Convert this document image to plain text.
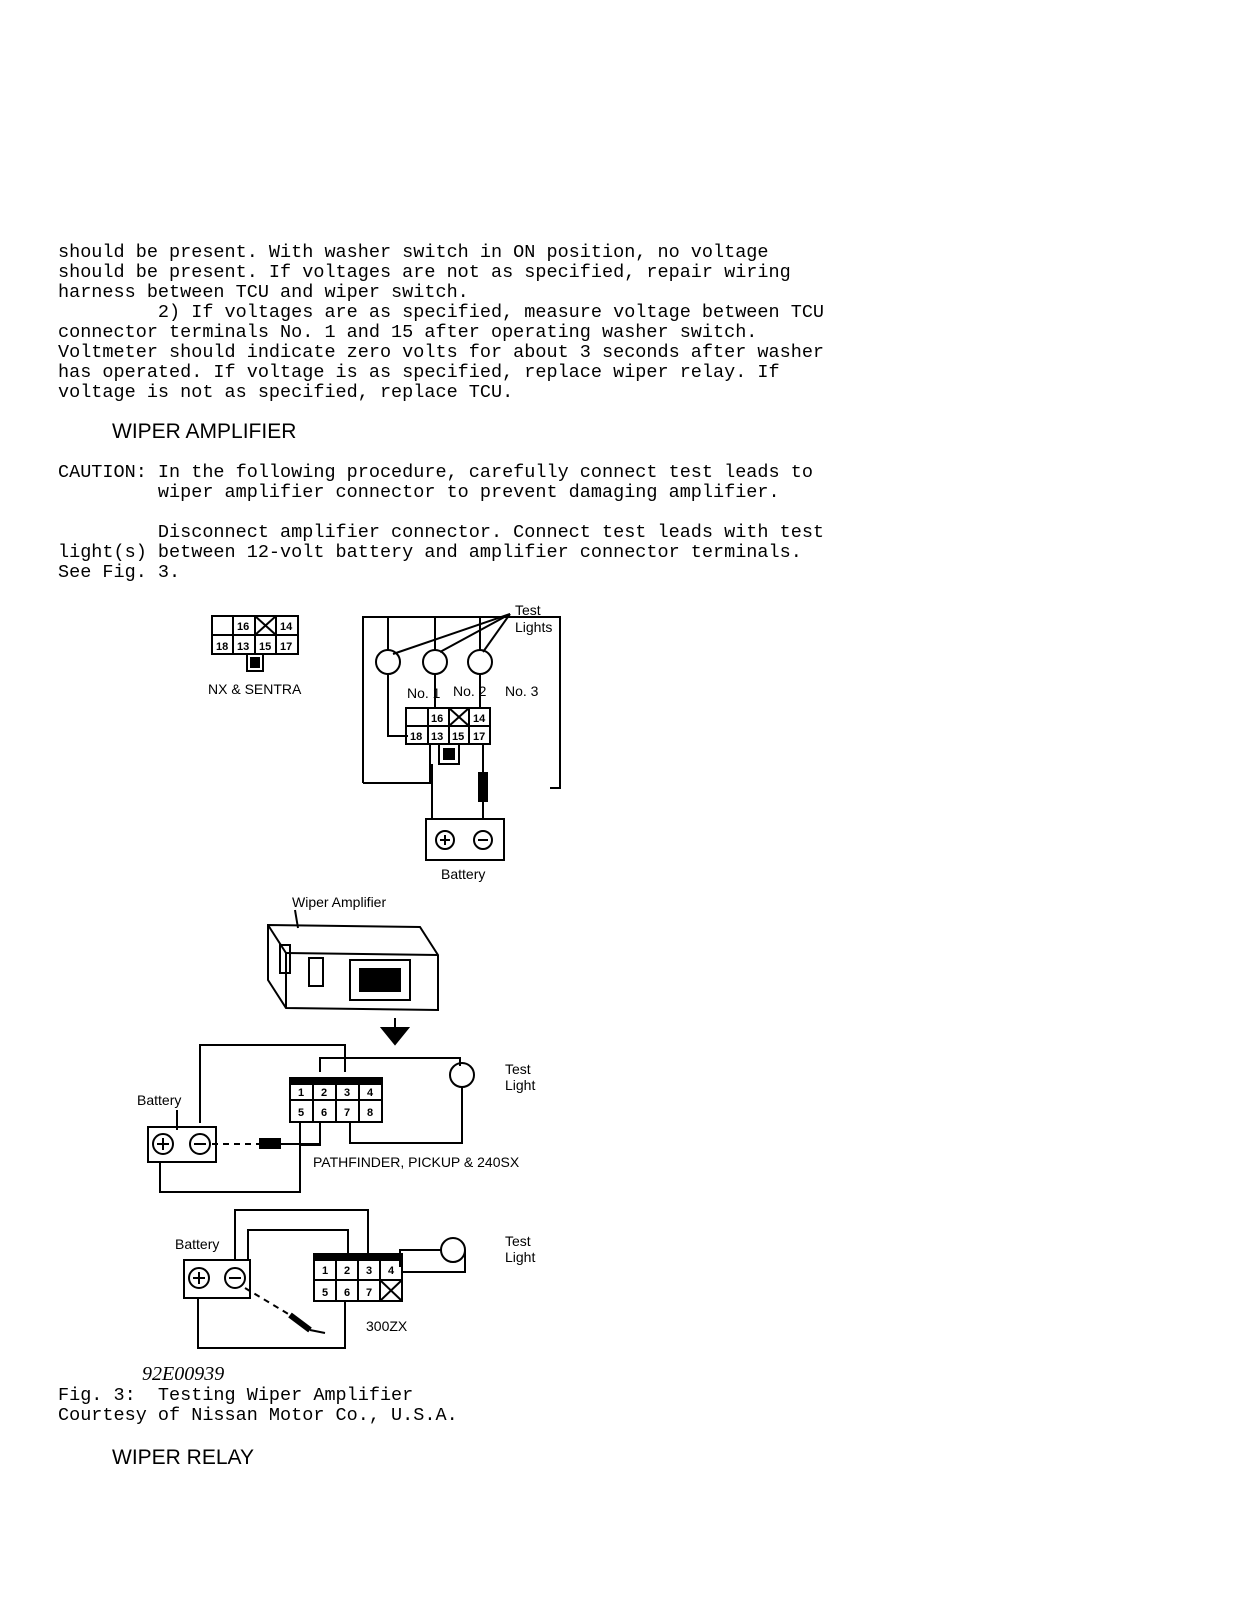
should be present. With washer switch in ON position, no voltage
should be present. If voltages are not as specified, repair wiring
harness between TCU and wiper switch.
2) If voltages are as specified, measure voltage between TCU
connector terminals No. 1 and 15 after operating washer switch.
Voltmeter should indicate zero volts for about 3 seconds after washer
has operated. If voltage is as specified, replace wiper relay. If
voltage is not as specified, replace TCU.
WIPER AMPLIFIER
CAUTION: In the following procedure, carefully connect test leads to
wiper amplifier connector to prevent damaging amplifier.
Disconnect amplifier connector. Connect test leads with test
light(s) between 12-volt battery and amplifier connector terminals.
See Fig. 3.
16	14
18 13 15 17
NX & SENTRA
Test
Lights
No. 1 No. 2 No. 3
16	14
18 13 15 17
Battery
Wiper Amplifier
Test
Light
Battery	1 2 3 4
5 6 7 8
PATHFINDER, PICKUP & 240SX
Test
Light
Battery
1 2 3 4
5 6 7
300ZX

92E00939

Fig. 3:  Testing Wiper Amplifier
Courtesy of Nissan Motor Co., U.S.A.
WIPER RELAY
